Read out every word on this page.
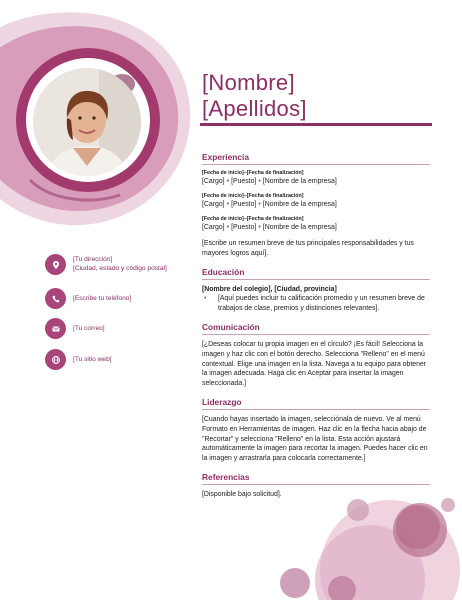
[Nombre]
[Apellidos]
[Tu dirección]
[Ciudad, estado y código postal]
[Escribe tu teléfono]
[Tu correo]
[Tu sitio web]
Experiencia
[Fecha de inicio]–[Fecha de finalización]
[Cargo] • [Puesto] • [Nombre de la empresa]
[Fecha de inicio]–[Fecha de finalización]
[Cargo] • [Puesto] • [Nombre de la empresa]
[Fecha de inicio]–[Fecha de finalización]
[Cargo] • [Puesto] • [Nombre de la empresa]
[Escribe un resumen breve de tus principales responsabilidades y tus mayores logros aquí].
Educación
[Nombre del colegio], [Ciudad, provincia]
•	[Aquí puedes incluir tu calificación promedio y un resumen breve de trabajos de clase, premios y distinciones relevantes].
Comunicación
[¿Deseas colocar tu propia imagen en el círculo? ¡Es fácil! Selecciona la imagen y haz clic con el botón derecho. Selecciona "Relleno" en el menú contextual. Elige una imagen en la lista. Navega a tu equipo para obtener la imagen adecuada. Haga clic en Aceptar para insertar la imagen seleccionada.]
Liderazgo
[Cuando hayas insertado la imagen, selecciónala de nuevo. Ve al menú Formato en Herramientas de imagen. Haz clic en la flecha hacia abajo de "Recortar" y selecciona "Relleno" en la lista. Esta acción ajustará automáticamente la imagen para recortar la imagen. Puedes hacer clic en la imagen y arrastrarla para colocarla correctamente.]
Referencias
[Disponible bajo solicitud].
